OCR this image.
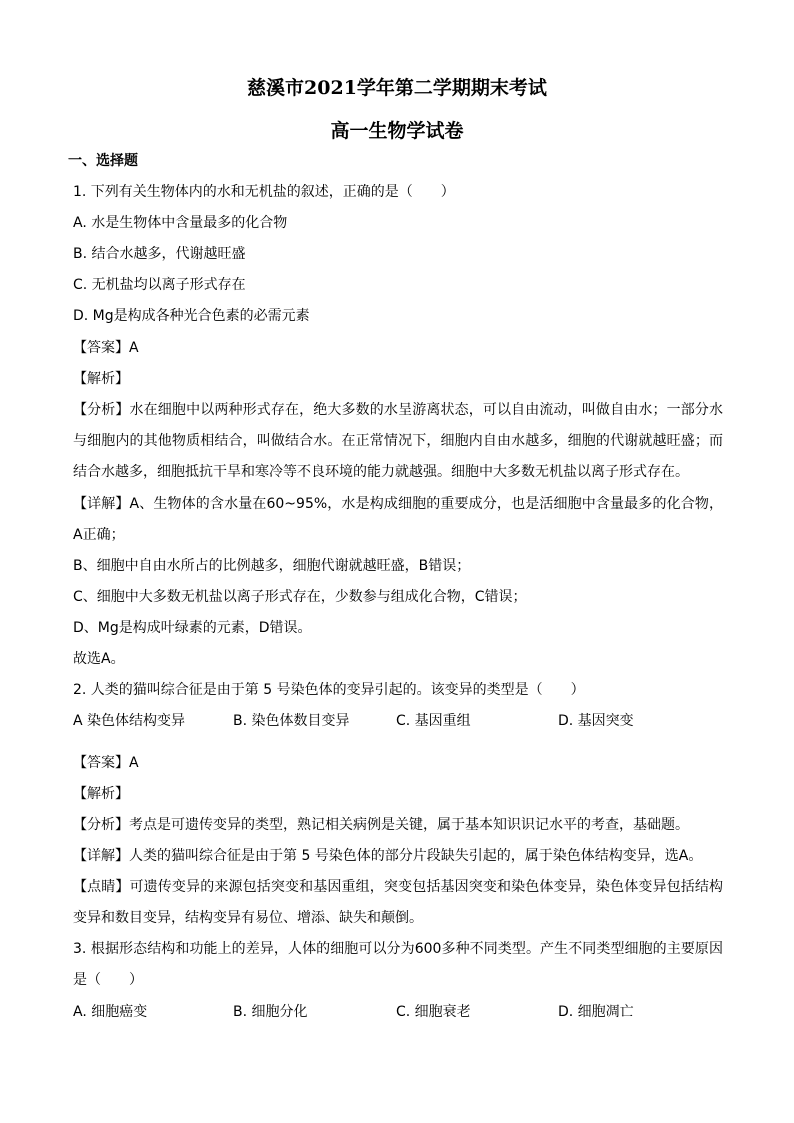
慈溪市2021学年第二学期期末考试
高一生物学试卷
一、选择题
1. 下列有关生物体内的水和无机盐的叙述，正确的是（　　）
A. 水是生物体中含量最多的化合物
B. 结合水越多，代谢越旺盛
C. 无机盐均以离子形式存在
D. Mg是构成各种光合色素的必需元素
【答案】A
【解析】
【分析】水在细胞中以两种形式存在，绝大多数的水呈游离状态，可以自由流动，叫做自由水；一部分水与细胞内的其他物质相结合，叫做结合水。在正常情况下，细胞内自由水越多，细胞的代谢就越旺盛；而结合水越多，细胞抵抗干旱和寒冷等不良环境的能力就越强。细胞中大多数无机盐以离子形式存在。
【详解】A、生物体的含水量在60~95%，水是构成细胞的重要成分，也是活细胞中含量最多的化合物，A正确；
B、细胞中自由水所占的比例越多，细胞代谢就越旺盛，B错误；
C、细胞中大多数无机盐以离子形式存在，少数参与组成化合物，C错误；
D、Mg是构成叶绿素的元素，D错误。
故选A。
2. 人类的猫叫综合征是由于第 5 号染色体的变异引起的。该变异的类型是（　　）
A 染色体结构变异	B. 染色体数目变异	C. 基因重组	D. 基因突变
【答案】A
【解析】
【分析】考点是可遗传变异的类型，熟记相关病例是关键，属于基本知识识记水平的考查，基础题。
【详解】人类的猫叫综合征是由于第 5 号染色体的部分片段缺失引起的，属于染色体结构变异，选A。
【点睛】可遗传变异的来源包括突变和基因重组，突变包括基因突变和染色体变异，染色体变异包括结构变异和数目变异，结构变异有易位、增添、缺失和颠倒。
3. 根据形态结构和功能上的差异，人体的细胞可以分为600多种不同类型。产生不同类型细胞的主要原因是（　　）
A. 细胞癌变	B. 细胞分化	C. 细胞衰老	D. 细胞凋亡
